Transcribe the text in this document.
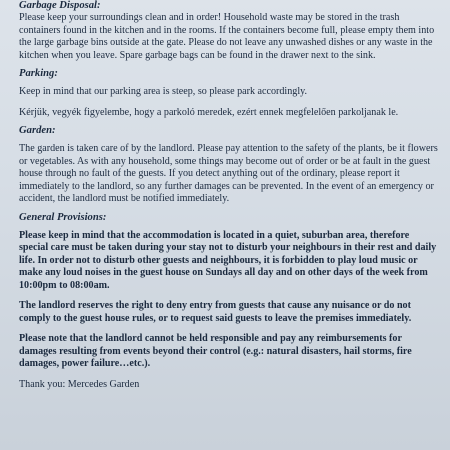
Garbage Disposal:

Please keep your surroundings clean and in order! Household waste may be stored in the trash containers found in the kitchen and in the rooms. If the containers become full, please empty them into the large garbage bins outside at the gate. Please do not leave any unwashed dishes or any waste in the kitchen when you leave. Spare garbage bags can be found in the drawer next to the sink.

Parking:

Keep in mind that our parking area is steep, so please park accordingly.

Kérjük, vegyék figyelembe, hogy a parkoló meredek, ezért ennek megfelelően parkoljanak le.

Garden:

The garden is taken care of by the landlord. Please pay attention to the safety of the plants, be it flowers or vegetables. As with any household, some things may become out of order or be at fault in the guest house through no fault of the guests. If you detect anything out of the ordinary, please report it immediately to the landlord, so any further damages can be prevented. In the event of an emergency or accident, the landlord must be notified immediately.

General Provisions:

Please keep in mind that the accommodation is located in a quiet, suburban area, therefore special care must be taken during your stay not to disturb your neighbours in their rest and daily life. In order not to disturb other guests and neighbours, it is forbidden to play loud music or make any loud noises in the guest house on Sundays all day and on other days of the week from 10:00pm to 08:00am.

The landlord reserves the right to deny entry from guests that cause any nuisance or do not comply to the guest house rules, or to request said guests to leave the premises immediately.

Please note that the landlord cannot be held responsible and pay any reimbursements for damages resulting from events beyond their control (e.g.: natural disasters, hail storms, fire damages, power failure…etc.).

Thank you: Mercedes Garden
